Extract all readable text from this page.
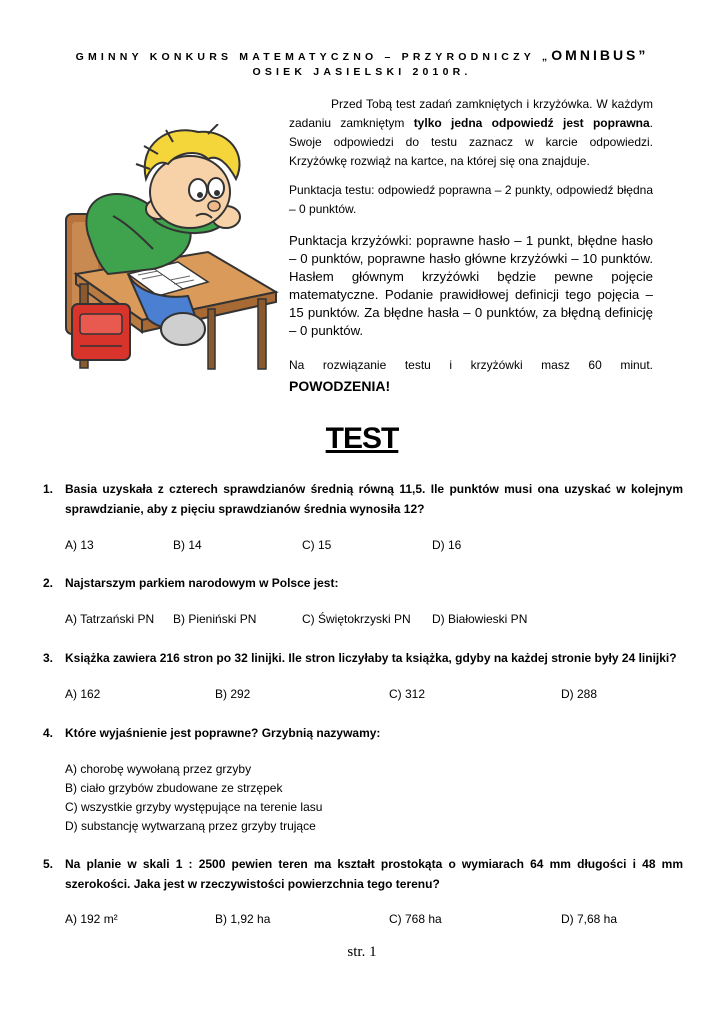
GMINNY KONKURS MATEMATYCZNO – PRZYRODNICZY „OMNIBUS”
OSIEK JASIELSKI 2010R.
Przed Tobą test zadań zamkniętych i krzyżówka. W każdym zadaniu zamkniętym tylko jedna odpowiedź jest poprawna. Swoje odpowiedzi do testu zaznacz w karcie odpowiedzi. Krzyżówkę rozwiąż na kartce, na której się ona znajduje.
Punktacja testu: odpowiedź poprawna – 2 punkty, odpowiedź błędna – 0 punktów.
Punktacja krzyżówki: poprawne hasło – 1 punkt, błędne hasło – 0 punktów, poprawne hasło główne krzyżówki – 10 punktów. Hasłem głównym krzyżówki będzie pewne pojęcie matematyczne. Podanie prawidłowej definicji tego pojęcia – 15 punktów. Za błędne hasła – 0 punktów, za błędną definicję – 0 punktów.
Na rozwiązanie testu i krzyżówki masz 60 minut.
POWODZENIA!
TEST
1. Basia uzyskała z czterech sprawdzianów średnią równą 11,5. Ile punktów musi ona uzyskać w kolejnym sprawdzianie, aby z pięciu sprawdzianów średnia wynosiła 12?
A) 13	B) 14	C) 15	D) 16
2. Najstarszym parkiem narodowym w Polsce jest:
A) Tatrzański PN B) Pieniński PN	C) Świętokrzyski PN D) Białowieski PN
3. Książka zawiera 216 stron po 32 linijki. Ile stron liczyłaby ta książka, gdyby na każdej stronie były 24 linijki?
A) 162	B) 292	C) 312	D) 288
4. Które wyjaśnienie jest poprawne? Grzybnią nazywamy:
A) chorobę wywołaną przez grzyby
B) ciało grzybów zbudowane ze strzępek
C) wszystkie grzyby występujące na terenie lasu
D) substancję wytwarzaną przez grzyby trujące
5. Na planie w skali 1 : 2500 pewien teren ma kształt prostokąta o wymiarach 64 mm długości i 48 mm szerokości. Jaka jest w rzeczywistości powierzchnia tego terenu?
A) 192 m²	B) 1,92 ha	C) 768 ha	D) 7,68 ha
str. 1
